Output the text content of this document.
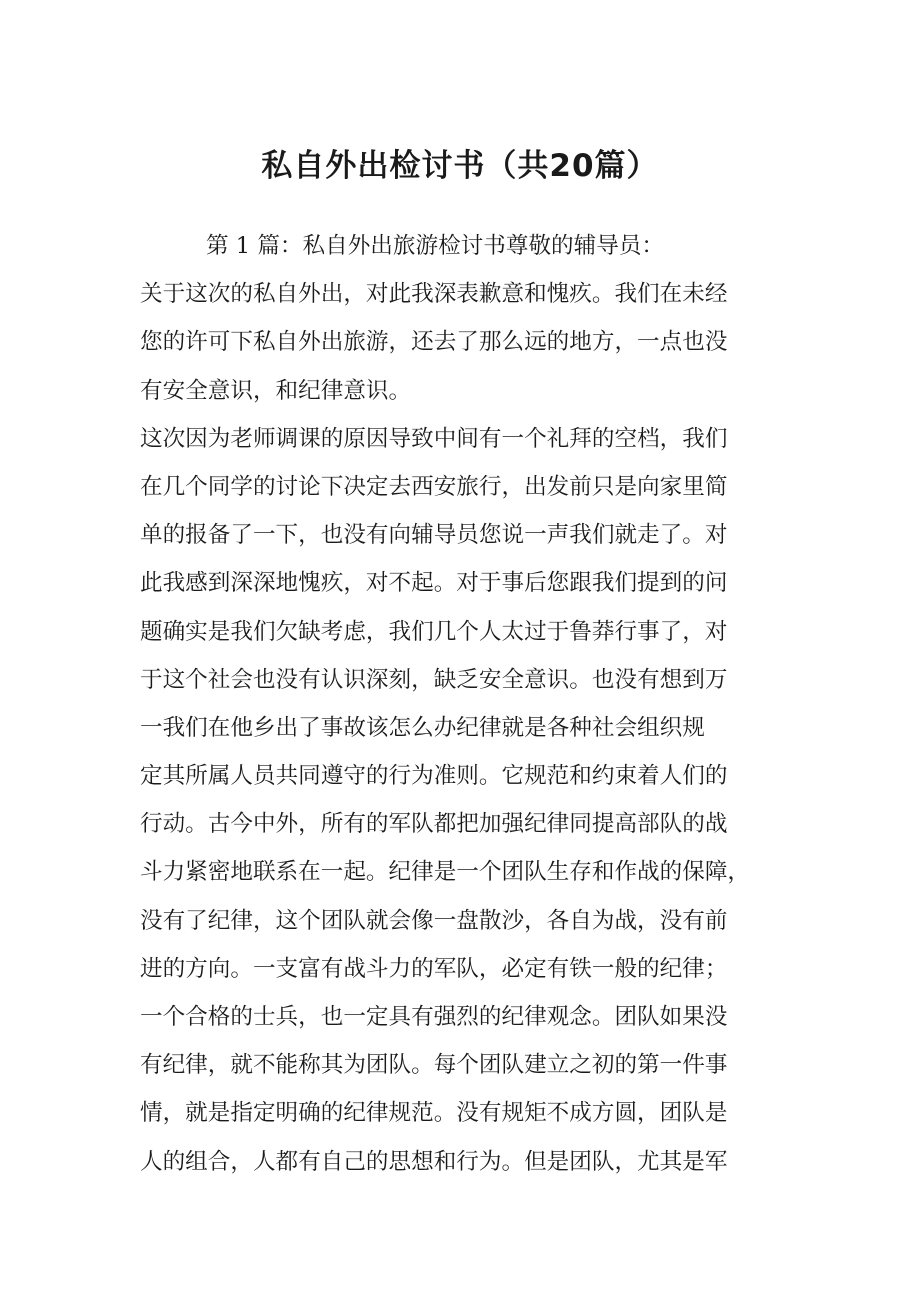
私自外出检讨书（共20篇）
第 1 篇：私自外出旅游检讨书尊敬的辅导员：
关于这次的私自外出，对此我深表歉意和愧疚。我们在未经
您的许可下私自外出旅游，还去了那么远的地方，一点也没
有安全意识，和纪律意识。
这次因为老师调课的原因导致中间有一个礼拜的空档，我们
在几个同学的讨论下决定去西安旅行，出发前只是向家里简
单的报备了一下，也没有向辅导员您说一声我们就走了。对
此我感到深深地愧疚，对不起。对于事后您跟我们提到的问
题确实是我们欠缺考虑，我们几个人太过于鲁莽行事了，对
于这个社会也没有认识深刻，缺乏安全意识。也没有想到万
一我们在他乡出了事故该怎么办纪律就是各种社会组织规
定其所属人员共同遵守的行为准则。它规范和约束着人们的
行动。古今中外，所有的军队都把加强纪律同提高部队的战
斗力紧密地联系在一起。纪律是一个团队生存和作战的保障，
没有了纪律，这个团队就会像一盘散沙，各自为战，没有前
进的方向。一支富有战斗力的军队，必定有铁一般的纪律；
一个合格的士兵，也一定具有强烈的纪律观念。团队如果没
有纪律，就不能称其为团队。每个团队建立之初的第一件事
情，就是指定明确的纪律规范。没有规矩不成方圆，团队是
人的组合，人都有自己的思想和行为。但是团队，尤其是军
